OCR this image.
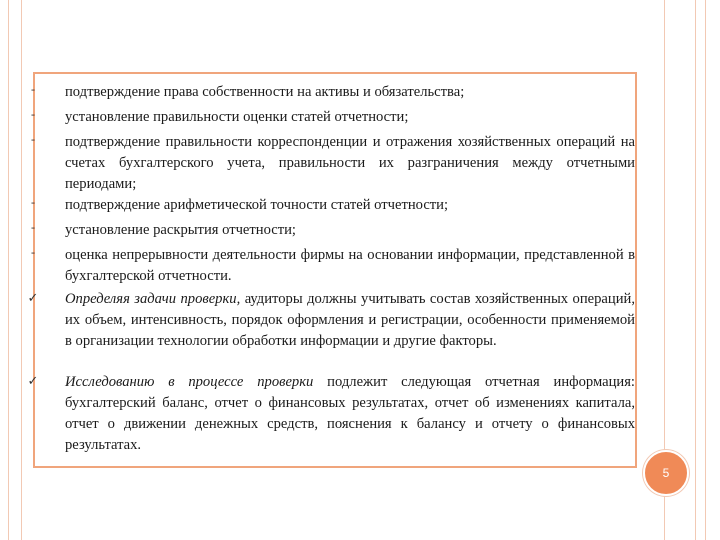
-	подтверждение права собственности на активы и обязательства;
-	установление правильности оценки статей отчетности;
-	подтверждение правильности корреспонденции и отражения хозяйственных операций на счетах бухгалтерского учета, правильности их разграничения между отчетными периодами;
-	подтверждение арифметической точности статей отчетности;
-	установление раскрытия отчетности;
-	оценка непрерывности деятельности фирмы на основании информации, представленной в бухгалтерской отчетности.
✓ Определяя задачи проверки, аудиторы должны учитывать состав хозяйственных операций, их объем, интенсивность, порядок оформления и регистрации, особенности применяемой в организации технологии обработки информации и другие факторы.
✓ Исследованию в процессе проверки подлежит следующая отчетная информация: бухгалтерский баланс, отчет о финансовых результатах, отчет об изменениях капитала, отчет о движении денежных средств, пояснения к балансу и отчету о финансовых результатах.
5
